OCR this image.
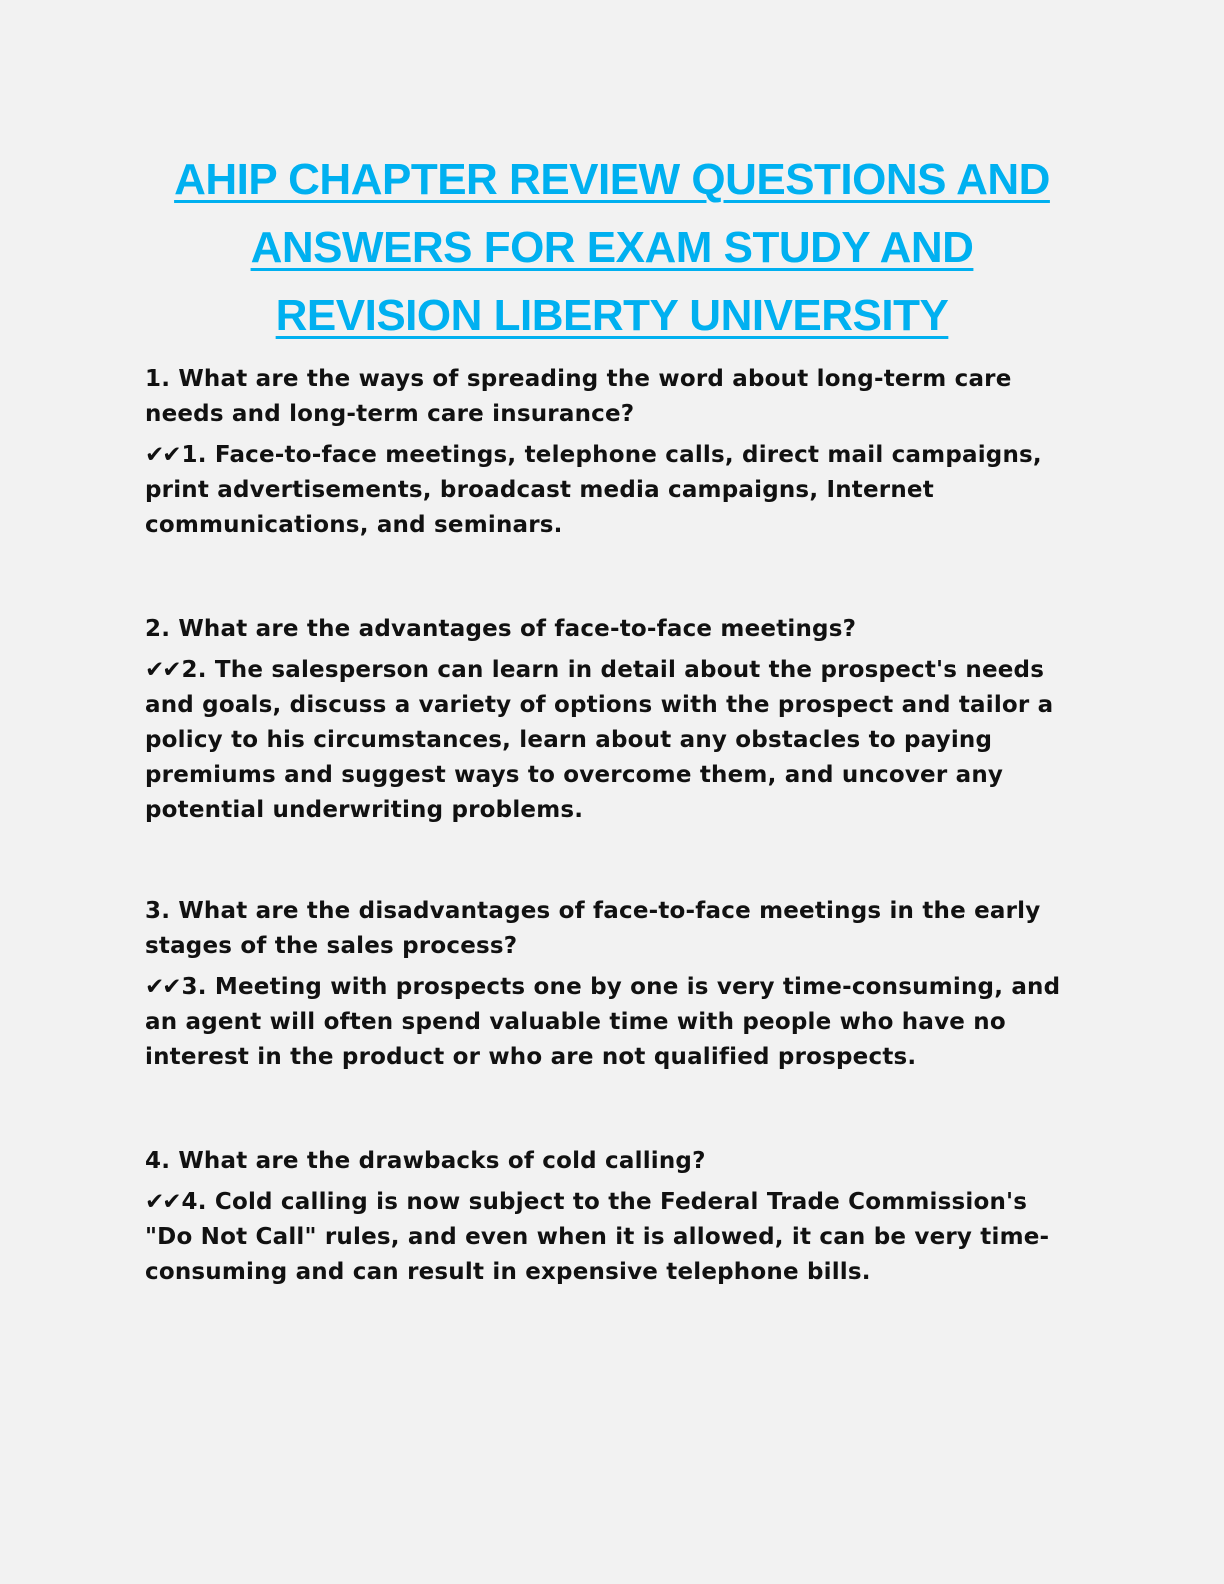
AHIP CHAPTER REVIEW QUESTIONS AND
ANSWERS FOR EXAM STUDY AND
REVISION LIBERTY UNIVERSITY

1. What are the ways of spreading the word about long-term care needs and long-term care insurance?

✔✔1. Face-to-face meetings, telephone calls, direct mail campaigns, print advertisements, broadcast media campaigns, Internet communications, and seminars.

2. What are the advantages of face-to-face meetings?

✔✔2. The salesperson can learn in detail about the prospect's needs and goals, discuss a variety of options with the prospect and tailor a policy to his circumstances, learn about any obstacles to paying premiums and suggest ways to overcome them, and uncover any potential underwriting problems.

3. What are the disadvantages of face-to-face meetings in the early stages of the sales process?

✔✔3. Meeting with prospects one by one is very time-consuming, and an agent will often spend valuable time with people who have no interest in the product or who are not qualified prospects.

4. What are the drawbacks of cold calling?

✔✔4. Cold calling is now subject to the Federal Trade Commission's "Do Not Call" rules, and even when it is allowed, it can be very time-consuming and can result in expensive telephone bills.
